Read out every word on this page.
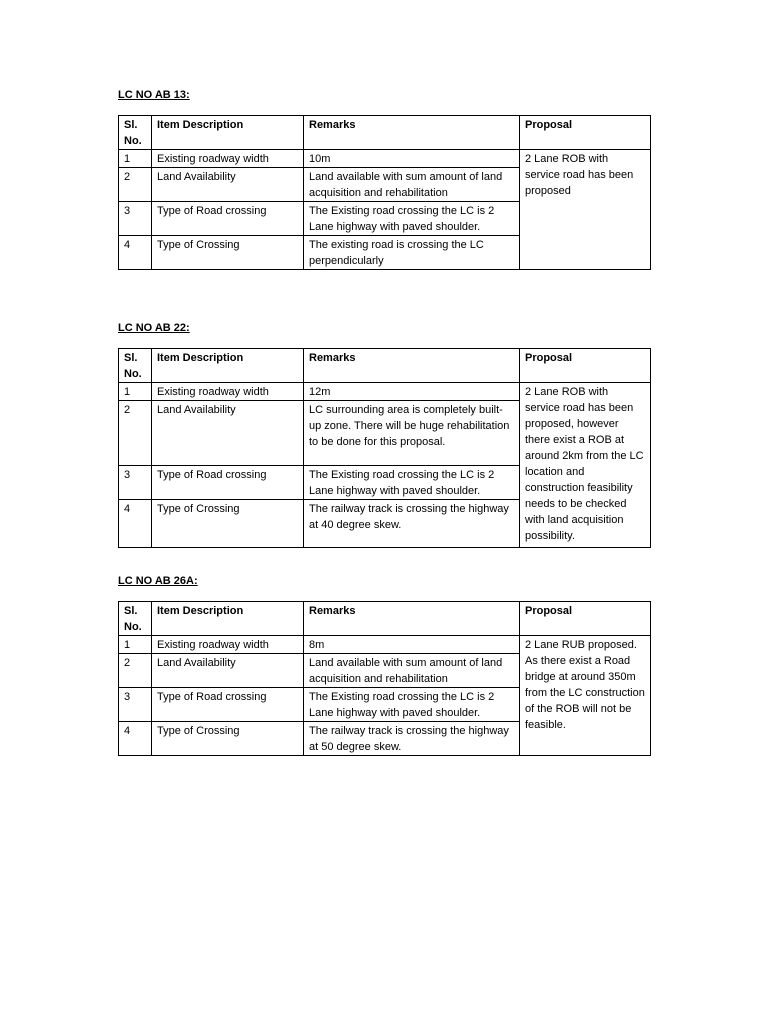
LC NO AB 13:

Sl. No.	Item Description	Remarks	Proposal
1	Existing roadway width	10m	2 Lane ROB with service road has been proposed
2	Land Availability	Land available with sum amount of land acquisition and rehabilitation	
3	Type of Road crossing	The Existing road crossing the LC is 2 Lane highway with paved shoulder.	
4	Type of Crossing	The existing road is crossing the LC perpendicularly	

LC NO AB 22:

Sl. No.	Item Description	Remarks	Proposal
1	Existing roadway width	12m	2 Lane ROB with service road has been proposed, however there exist a ROB at around 2km from the LC location and construction feasibility needs to be checked with land acquisition possibility.
2	Land Availability	LC surrounding area is completely built-up zone. There will be huge rehabilitation to be done for this proposal.	
3	Type of Road crossing	The Existing road crossing the LC is 2 Lane highway with paved shoulder.	
4	Type of Crossing	The railway track is crossing the highway at 40 degree skew.	

LC NO AB 26A:

Sl. No.	Item Description	Remarks	Proposal
1	Existing roadway width	8m	2 Lane RUB proposed. As there exist a Road bridge at around 350m from the LC construction of the ROB will not be feasible.
2	Land Availability	Land available with sum amount of land acquisition and rehabilitation	
3	Type of Road crossing	The Existing road crossing the LC is 2 Lane highway with paved shoulder.	
4	Type of Crossing	The railway track is crossing the highway at 50 degree skew.	
